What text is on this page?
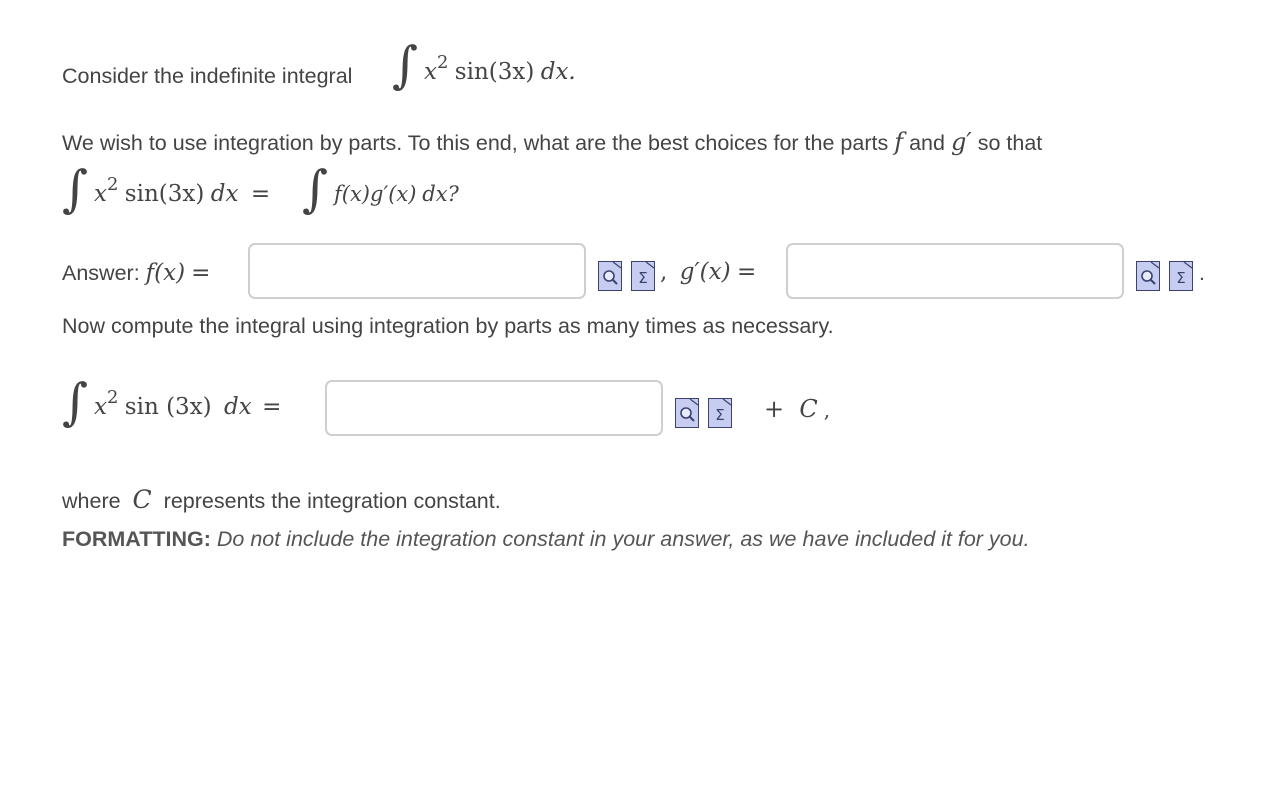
Consider the indefinite integral ∫ $x^2$ sin(3x) dx.
We wish to use integration by parts. To this end, what are the best choices for the parts f and g′ so that
∫ $x^2$ sin(3x) dx = ∫ f(x)g′(x) dx?
Answer: f(x) =	Σ , g′(x) =	Σ .
Now compute the integral using integration by parts as many times as necessary.
∫ $x^2$ sin (3x) dx =	Σ +  C ,
where C represents the integration constant.
FORMATTING: Do not include the integration constant in your answer, as we have included it for you.
